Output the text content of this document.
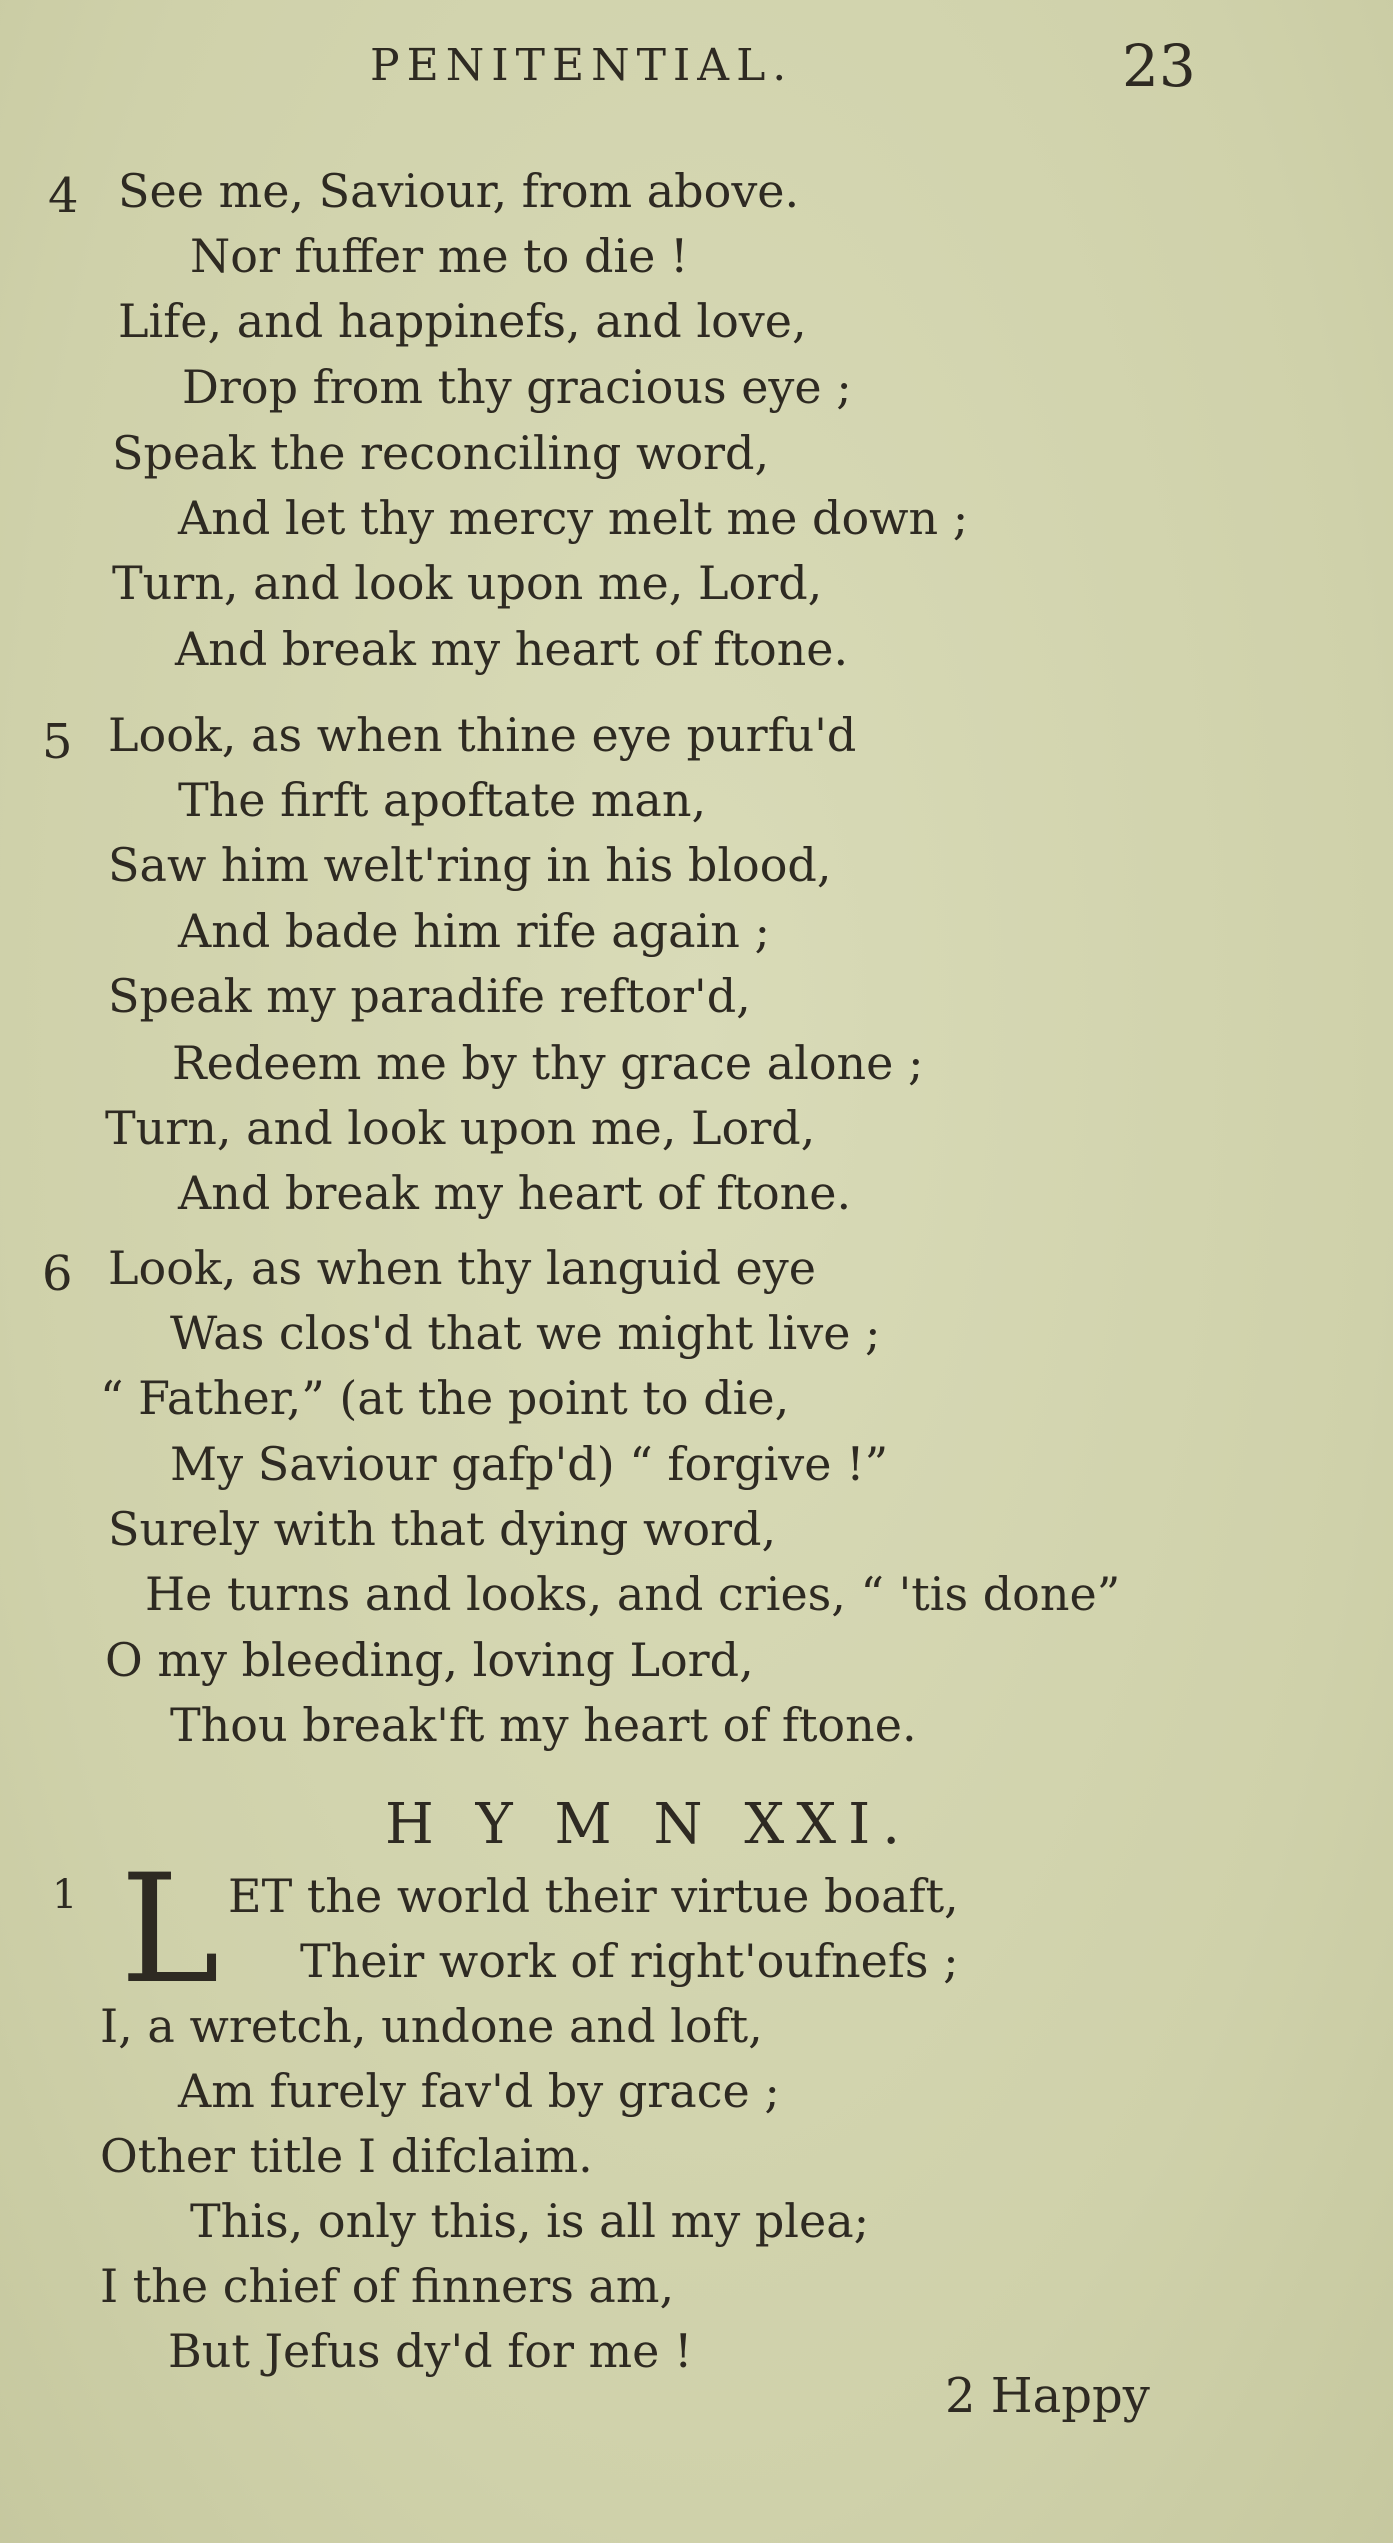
PENITENTIAL.	23
4 See me, Saviour, from above.
Nor fuffer me to die !
Life, and happinefs, and love,
Drop from thy gracious eye ;
Speak the reconciling word,
And let thy mercy melt me down ;
Turn, and look upon me, Lord,
And break my heart of ftone.
5 Look, as when thine eye purfu'd
The firft apoftate man,
Saw him welt'ring in his blood,
And bade him rife again ;
Speak my paradife reftor'd,
Redeem me by thy grace alone ;
Turn, and look upon me, Lord,
And break my heart of ftone.
6 Look, as when thy languid eye
Was clos'd that we might live ;
“ Father,” (at the point to die,
My Saviour gafp'd) “ forgive !”
Surely with that dying word,
He turns and looks, and cries, “ 'tis done”
O my bleeding, loving Lord,
Thou break'ft my heart of ftone.
H Y M N XXI.
1 L ET the world their virtue boaft,
Their work of right'oufnefs ;
I, a wretch, undone and loft,
Am furely fav'd by grace ;
Other title I difclaim.
This, only this, is all my plea;
I the chief of finners am,
But Jefus dy'd for me !
2 Happy
